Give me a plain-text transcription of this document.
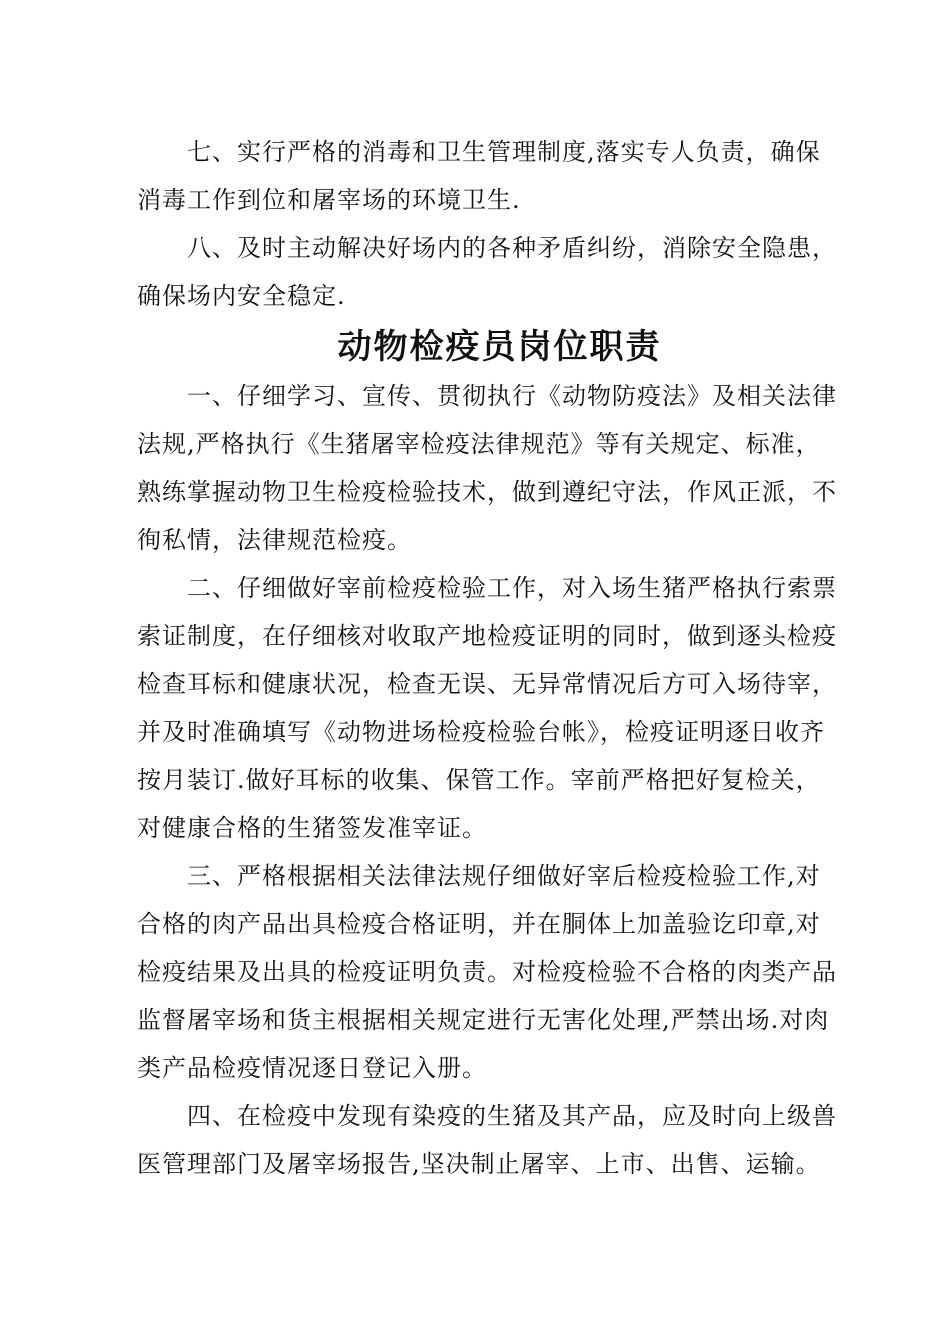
七、实行严格的消毒和卫生管理制度,落实专人负责，确保
消毒工作到位和屠宰场的环境卫生.

八、及时主动解决好场内的各种矛盾纠纷，消除安全隐患，
确保场内安全稳定.

动物检疫员岗位职责

一、仔细学习、宣传、贯彻执行《动物防疫法》及相关法律
法规,严格执行《生猪屠宰检疫法律规范》等有关规定、标准，
熟练掌握动物卫生检疫检验技术，做到遵纪守法，作风正派，不
徇私情，法律规范检疫。

二、仔细做好宰前检疫检验工作，对入场生猪严格执行索票
索证制度，在仔细核对收取产地检疫证明的同时，做到逐头检疫
检查耳标和健康状况，检查无误、无异常情况后方可入场待宰，
并及时准确填写《动物进场检疫检验台帐》，检疫证明逐日收齐
按月装订.做好耳标的收集、保管工作。宰前严格把好复检关，
对健康合格的生猪签发准宰证。

三、严格根据相关法律法规仔细做好宰后检疫检验工作,对
合格的肉产品出具检疫合格证明，并在胴体上加盖验讫印章,对
检疫结果及出具的检疫证明负责。对检疫检验不合格的肉类产品
监督屠宰场和货主根据相关规定进行无害化处理,严禁出场.对肉
类产品检疫情况逐日登记入册。

四、在检疫中发现有染疫的生猪及其产品，应及时向上级兽
医管理部门及屠宰场报告,坚决制止屠宰、上市、出售、运输。
